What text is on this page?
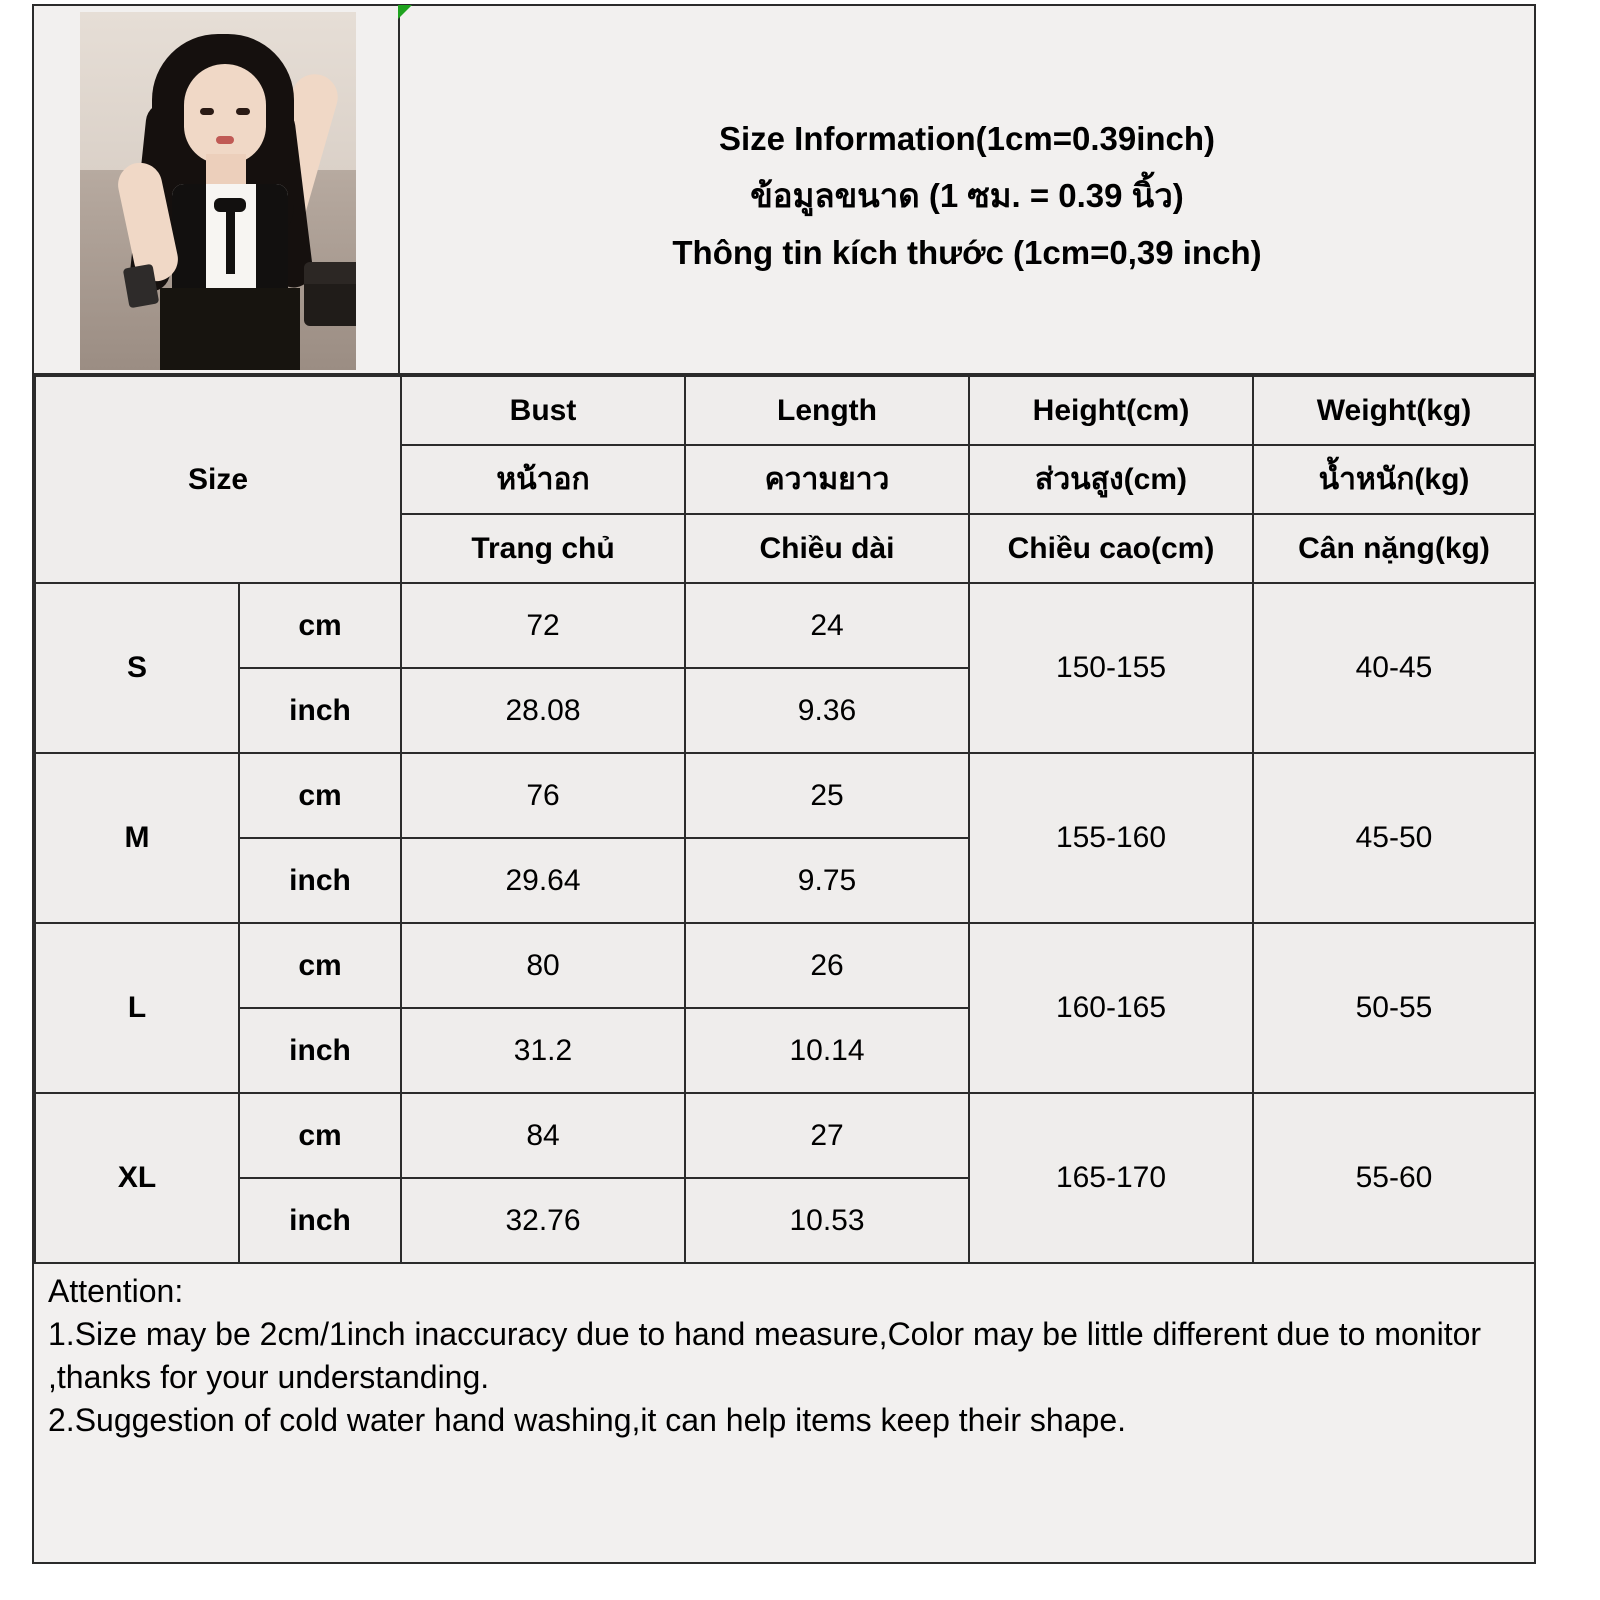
Size Information(1cm=0.39inch)
ข้อมูลขนาด (1 ซม. = 0.39 นิ้ว)
Thông tin kích thước (1cm=0,39 inch)
Size		Bust	Length	Height(cm)	Weight(kg)
		หน้าอก	ความยาว	ส่วนสูง(cm)	น้ำหนัก(kg)
		Trang chủ	Chiều dài	Chiều cao(cm)	Cân nặng(kg)
S	cm	72	24	150-155	40-45
	inch	28.08	9.36		
M	cm	76	25	155-160	45-50
	inch	29.64	9.75		
L	cm	80	26	160-165	50-55
	inch	31.2	10.14		
XL	cm	84	27	165-170	55-60
	inch	32.76	10.53		
Attention:
1.Size may be 2cm/1inch inaccuracy due to hand measure,Color may be little different due to monitor ,thanks for your understanding.
2.Suggestion of cold water hand washing,it can help items keep their shape.
